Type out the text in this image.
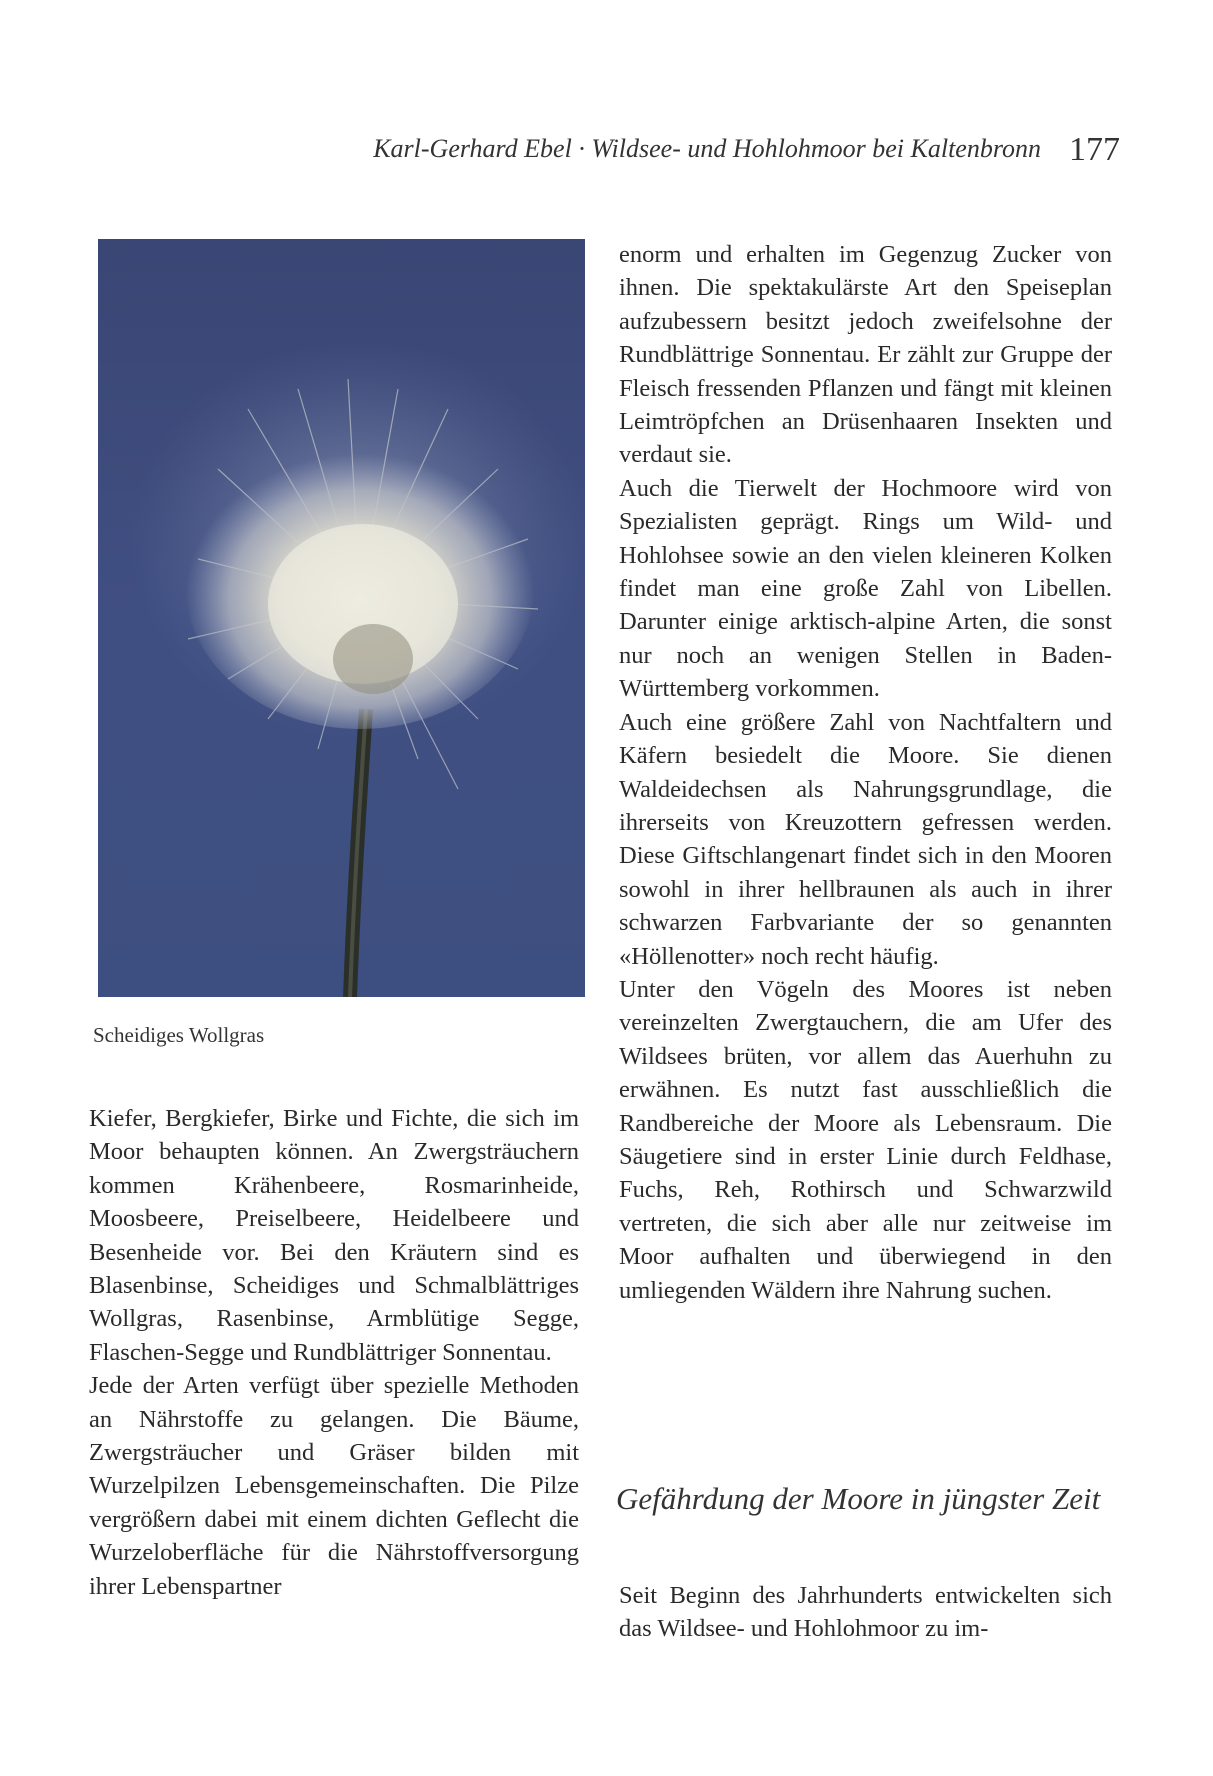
Karl-Gerhard Ebel · Wildsee- und Hohlohmoor bei Kaltenbronn 177
Scheidiges Wollgras

Kiefer, Bergkiefer, Birke und Fichte, die sich im Moor behaupten können. An Zwergsträuchern kommen Krähenbeere, Rosmarinheide, Moosbeere, Preiselbeere, Heidelbeere und Besenheide vor. Bei den Kräutern sind es Blasenbinse, Scheidiges und Schmalblättriges Wollgras, Rasenbinse, Armblütige Segge, Flaschen-Segge und Rundblättriger Sonnentau.

Jede der Arten verfügt über spezielle Methoden an Nährstoffe zu gelangen. Die Bäume, Zwergsträucher und Gräser bilden mit Wurzelpilzen Lebensgemeinschaften. Die Pilze vergrößern dabei mit einem dichten Geflecht die Wurzeloberfläche für die Nährstoffversorgung ihrer Lebenspartner

enorm und erhalten im Gegenzug Zucker von ihnen. Die spektakulärste Art den Speiseplan aufzubessern besitzt jedoch zweifelsohne der Rundblättrige Sonnentau. Er zählt zur Gruppe der Fleisch fressenden Pflanzen und fängt mit kleinen Leimtröpfchen an Drüsenhaaren Insekten und verdaut sie.

Auch die Tierwelt der Hochmoore wird von Spezialisten geprägt. Rings um Wild- und Hohlohsee sowie an den vielen kleineren Kolken findet man eine große Zahl von Libellen. Darunter einige arktisch-alpine Arten, die sonst nur noch an wenigen Stellen in Baden-Württemberg vorkommen.

Auch eine größere Zahl von Nachtfaltern und Käfern besiedelt die Moore. Sie dienen Waldeidechsen als Nahrungsgrundlage, die ihrerseits von Kreuzottern gefressen werden. Diese Giftschlangenart findet sich in den Mooren sowohl in ihrer hellbraunen als auch in ihrer schwarzen Farbvariante der so genannten «Höllenotter» noch recht häufig.

Unter den Vögeln des Moores ist neben vereinzelten Zwergtauchern, die am Ufer des Wildsees brüten, vor allem das Auerhuhn zu erwähnen. Es nutzt fast ausschließlich die Randbereiche der Moore als Lebensraum. Die Säugetiere sind in erster Linie durch Feldhase, Fuchs, Reh, Rothirsch und Schwarzwild vertreten, die sich aber alle nur zeitweise im Moor aufhalten und überwiegend in den umliegenden Wäldern ihre Nahrung suchen.

Gefährdung der Moore in jüngster Zeit

Seit Beginn des Jahrhunderts entwickelten sich das Wildsee- und Hohlohmoor zu im-
